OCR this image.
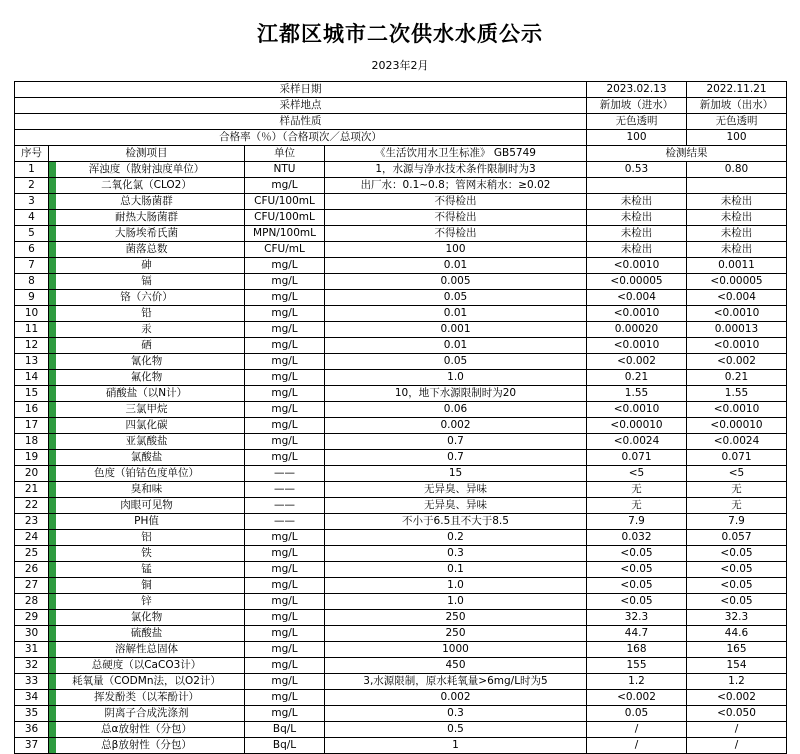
江都区城市二次供水水质公示
2023年2月
采样日期				2023.02.13	2022.11.21
采样地点				新加坡（进水）	新加坡（出水）
样品性质				无色透明	无色透明
合格率（％）（合格项次／总项次）				100	100
序号	检测项目	单位	《生活饮用水卫生标准》 GB5749	检测结果	
1	浑浊度（散射浊度单位）	NTU	1，水源与净水技术条件限制时为3	0.53	0.80
2	二氧化氯（CLO2）	mg/L	出厂水：0.1~0.8；管网末稍水：≥0.02		
3	总大肠菌群	CFU/100mL	不得检出	未检出	未检出
4	耐热大肠菌群	CFU/100mL	不得检出	未检出	未检出
5	大肠埃希氏菌	MPN/100mL	不得检出	未检出	未检出
6	菌落总数	CFU/mL	100	未检出	未检出
7	砷	mg/L	0.01	<0.0010	0.0011
8	镉	mg/L	0.005	<0.00005	<0.00005
9	铬（六价）	mg/L	0.05	<0.004	<0.004
10	铅	mg/L	0.01	<0.0010	<0.0010
11	汞	mg/L	0.001	0.00020	0.00013
12	硒	mg/L	0.01	<0.0010	<0.0010
13	氰化物	mg/L	0.05	<0.002	<0.002
14	氟化物	mg/L	1.0	0.21	0.21
15	硝酸盐（以N计）	mg/L	10，地下水源限制时为20	1.55	1.55
16	三氯甲烷	mg/L	0.06	<0.0010	<0.0010
17	四氯化碳	mg/L	0.002	<0.00010	<0.00010
18	亚氯酸盐	mg/L	0.7	<0.0024	<0.0024
19	氯酸盐	mg/L	0.7	0.071	0.071
20	色度（铂钴色度单位）	——	15	<5	<5
21	臭和味	——	无异臭、异味	无	无
22	肉眼可见物	——	无异臭、异味	无	无
23	PH值	——	不小于6.5且不大于8.5	7.9	7.9
24	铝	mg/L	0.2	0.032	0.057
25	铁	mg/L	0.3	<0.05	<0.05
26	锰	mg/L	0.1	<0.05	<0.05
27	铜	mg/L	1.0	<0.05	<0.05
28	锌	mg/L	1.0	<0.05	<0.05
29	氯化物	mg/L	250	32.3	32.3
30	硫酸盐	mg/L	250	44.7	44.6
31	溶解性总固体	mg/L	1000	168	165
32	总硬度（以CaCO3计）	mg/L	450	155	154
33	耗氧量（CODMn法，以O2计）	mg/L	3,水源限制，原水耗氧量>6mg/L时为5	1.2	1.2
34	挥发酚类（以苯酚计）	mg/L	0.002	<0.002	<0.002
35	阴离子合成洗涤剂	mg/L	0.3	0.05	<0.050
36	总α放射性（分包）	Bq/L	0.5	/	/
37	总β放射性（分包）	Bq/L	1	/	/
